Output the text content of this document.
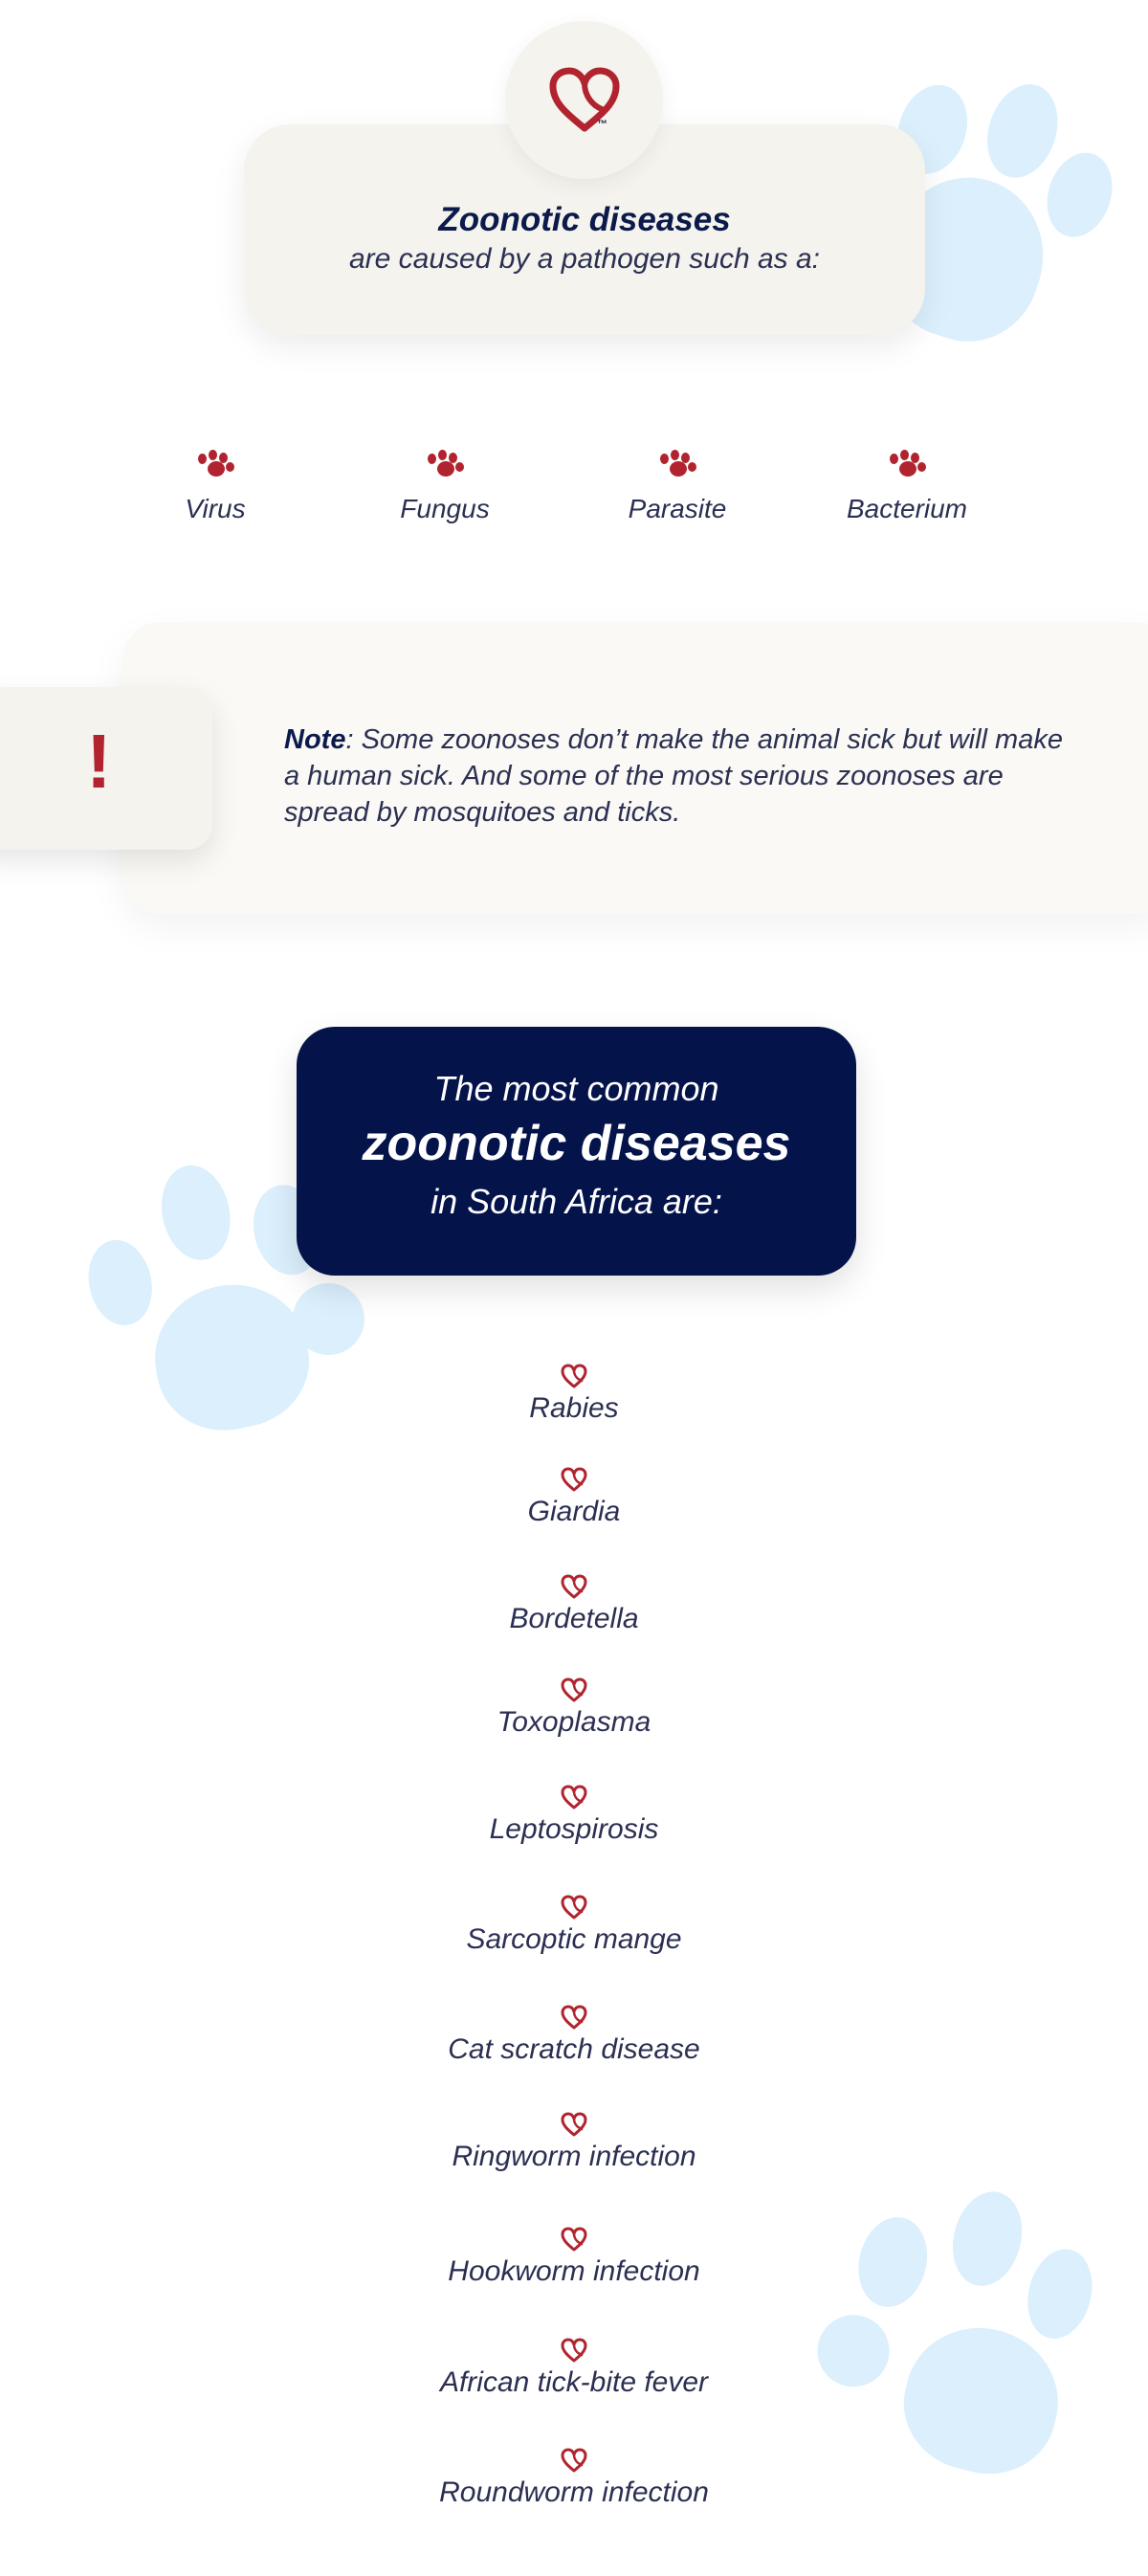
™
Zoonotic diseases
are caused by a pathogen such as a:
Virus	Fungus	Parasite	Bacterium
!	Note: Some zoonoses don’t make the animal sick but will make a human sick. And some of the most serious zoonoses are spread by mosquitoes and ticks.
The most common
zoonotic diseases
in South Africa are:
Rabies
Giardia
Bordetella
Toxoplasma
Leptospirosis
Sarcoptic mange
Cat scratch disease
Ringworm infection
Hookworm infection
African tick-bite fever
Roundworm infection
